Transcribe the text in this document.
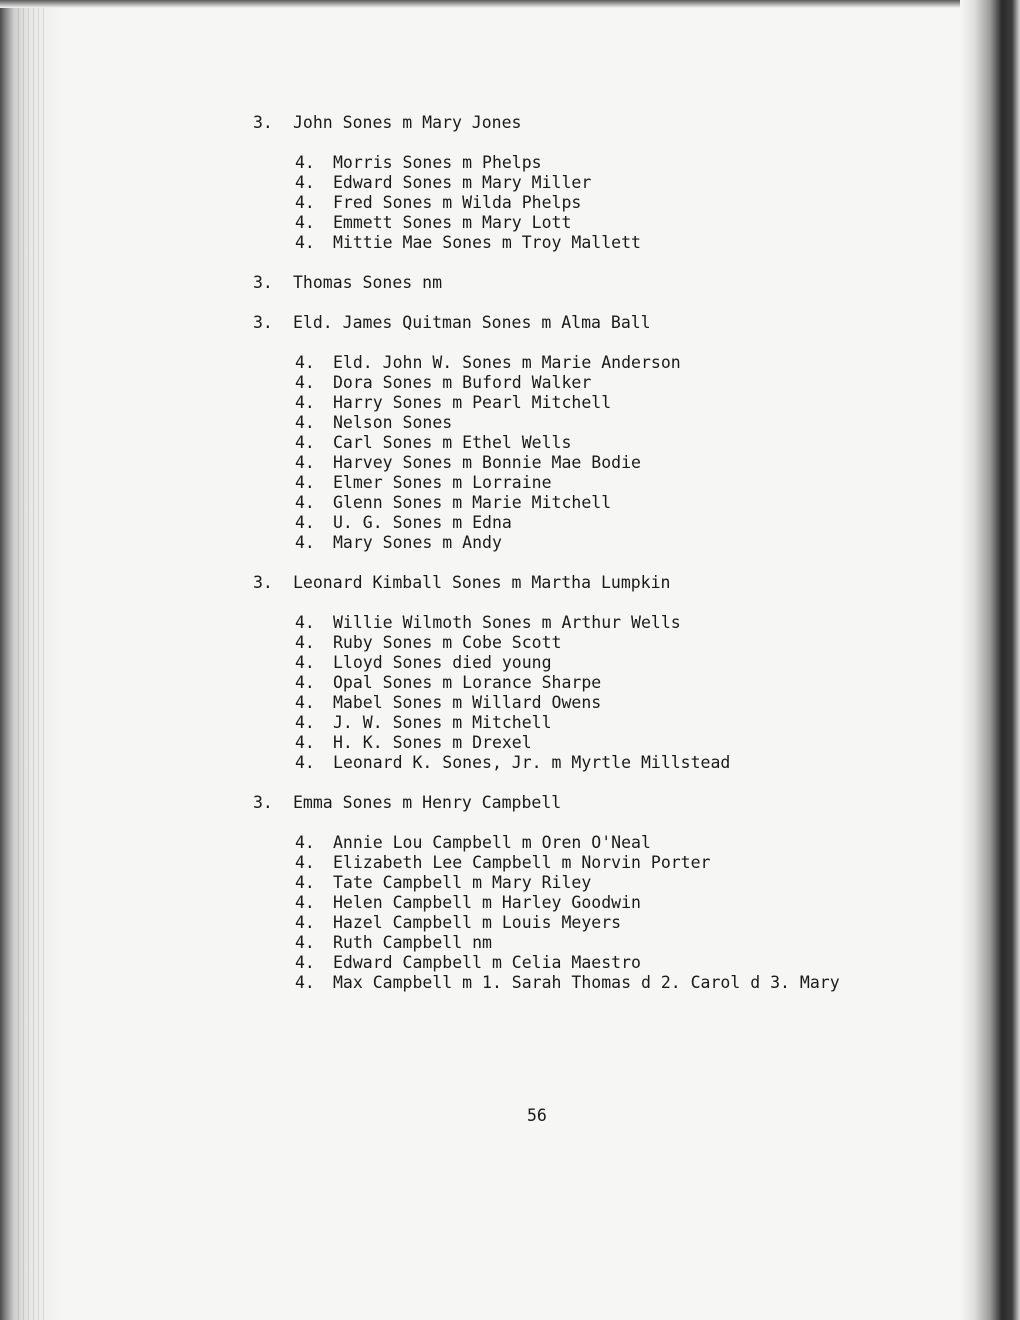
3. John Sones m Mary Jones
4. Morris Sones m Phelps
4. Edward Sones m Mary Miller
4. Fred Sones m Wilda Phelps
4. Emmett Sones m Mary Lott
4. Mittie Mae Sones m Troy Mallett
3. Thomas Sones nm
3. Eld. James Quitman Sones m Alma Ball
4. Eld. John W. Sones m Marie Anderson
4. Dora Sones m Buford Walker
4. Harry Sones m Pearl Mitchell
4. Nelson Sones
4. Carl Sones m Ethel Wells
4. Harvey Sones m Bonnie Mae Bodie
4. Elmer Sones m Lorraine
4. Glenn Sones m Marie Mitchell
4. U. G. Sones m Edna
4. Mary Sones m Andy
3. Leonard Kimball Sones m Martha Lumpkin
4. Willie Wilmoth Sones m Arthur Wells
4. Ruby Sones m Cobe Scott
4. Lloyd Sones died young
4. Opal Sones m Lorance Sharpe
4. Mabel Sones m Willard Owens
4. J. W. Sones m Mitchell
4. H. K. Sones m Drexel
4. Leonard K. Sones, Jr. m Myrtle Millstead
3. Emma Sones m Henry Campbell
4. Annie Lou Campbell m Oren O'Neal
4. Elizabeth Lee Campbell m Norvin Porter
4. Tate Campbell m Mary Riley
4. Helen Campbell m Harley Goodwin
4. Hazel Campbell m Louis Meyers
4. Ruth Campbell nm
4. Edward Campbell m Celia Maestro
4. Max Campbell m 1. Sarah Thomas d 2. Carol d 3. Mary
56
